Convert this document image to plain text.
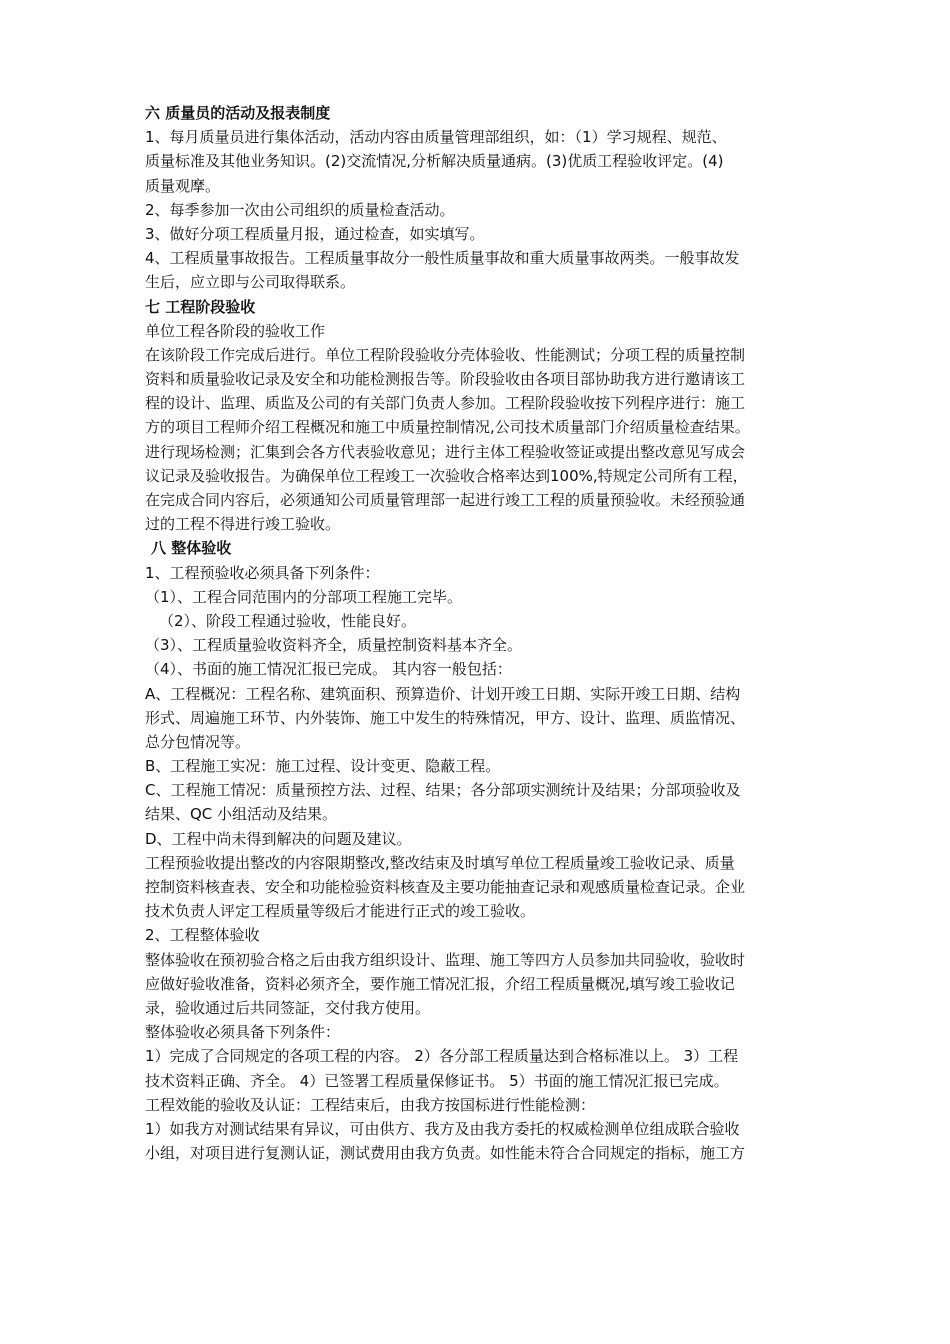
六 质量员的活动及报表制度
1、每月质量员进行集体活动，活动内容由质量管理部组织，如：（1）学习规程、规范、
质量标准及其他业务知识。(2)交流情况,分析解决质量通病。(3)优质工程验收评定。(4)
质量观摩。
2、每季参加一次由公司组织的质量检查活动。
3、做好分项工程质量月报，通过检查，如实填写。
4、工程质量事故报告。工程质量事故分一般性质量事故和重大质量事故两类。一般事故发
生后，应立即与公司取得联系。
七 工程阶段验收
单位工程各阶段的验收工作
在该阶段工作完成后进行。单位工程阶段验收分壳体验收、性能测试；分项工程的质量控制
资料和质量验收记录及安全和功能检测报告等。阶段验收由各项目部协助我方进行邀请该工
程的设计、监理、质监及公司的有关部门负责人参加。工程阶段验收按下列程序进行：施工
方的项目工程师介绍工程概况和施工中质量控制情况,公司技术质量部门介绍质量检查结果。
进行现场检测；汇集到会各方代表验收意见；进行主体工程验收签证或提出整改意见写成会
议记录及验收报告。为确保单位工程竣工一次验收合格率达到100%,特规定公司所有工程，
在完成合同内容后，必须通知公司质量管理部一起进行竣工工程的质量预验收。未经预验通
过的工程不得进行竣工验收。
八 整体验收
1、工程预验收必须具备下列条件：
（1）、工程合同范围内的分部项工程施工完毕。
（2）、阶段工程通过验收，性能良好。
（3）、工程质量验收资料齐全，质量控制资料基本齐全。
（4）、书面的施工情况汇报已完成。 其内容一般包括：
A、工程概况：工程名称、建筑面积、预算造价、计划开竣工日期、实际开竣工日期、结构
形式、周遍施工环节、内外装饰、施工中发生的特殊情况，甲方、设计、监理、质监情况、
总分包情况等。
B、工程施工实况：施工过程、设计变更、隐蔽工程。
C、工程施工情况：质量预控方法、过程、结果；各分部项实测统计及结果；分部项验收及
结果、QC 小组活动及结果。
D、工程中尚未得到解决的问题及建议。
工程预验收提出整改的内容限期整改,整改结束及时填写单位工程质量竣工验收记录、质量
控制资料核查表、安全和功能检验资料核查及主要功能抽查记录和观感质量检查记录。企业
技术负责人评定工程质量等级后才能进行正式的竣工验收。
2、工程整体验收
整体验收在预初验合格之后由我方组织设计、监理、施工等四方人员参加共同验收，验收时
应做好验收准备，资料必须齐全，要作施工情况汇报，介绍工程质量概况,填写竣工验收记
录，验收通过后共同签証，交付我方使用。
整体验收必须具备下列条件：
1）完成了合同规定的各项工程的内容。 2）各分部工程质量达到合格标准以上。 3）工程
技术资料正确、齐全。 4）已签署工程质量保修证书。 5）书面的施工情况汇报已完成。
工程效能的验收及认证：工程结束后，由我方按国标进行性能检测：
1）如我方对测试结果有异议，可由供方、我方及由我方委托的权威检测单位组成联合验收
小组，对项目进行复测认证，测试费用由我方负责。如性能未符合合同规定的指标，施工方
